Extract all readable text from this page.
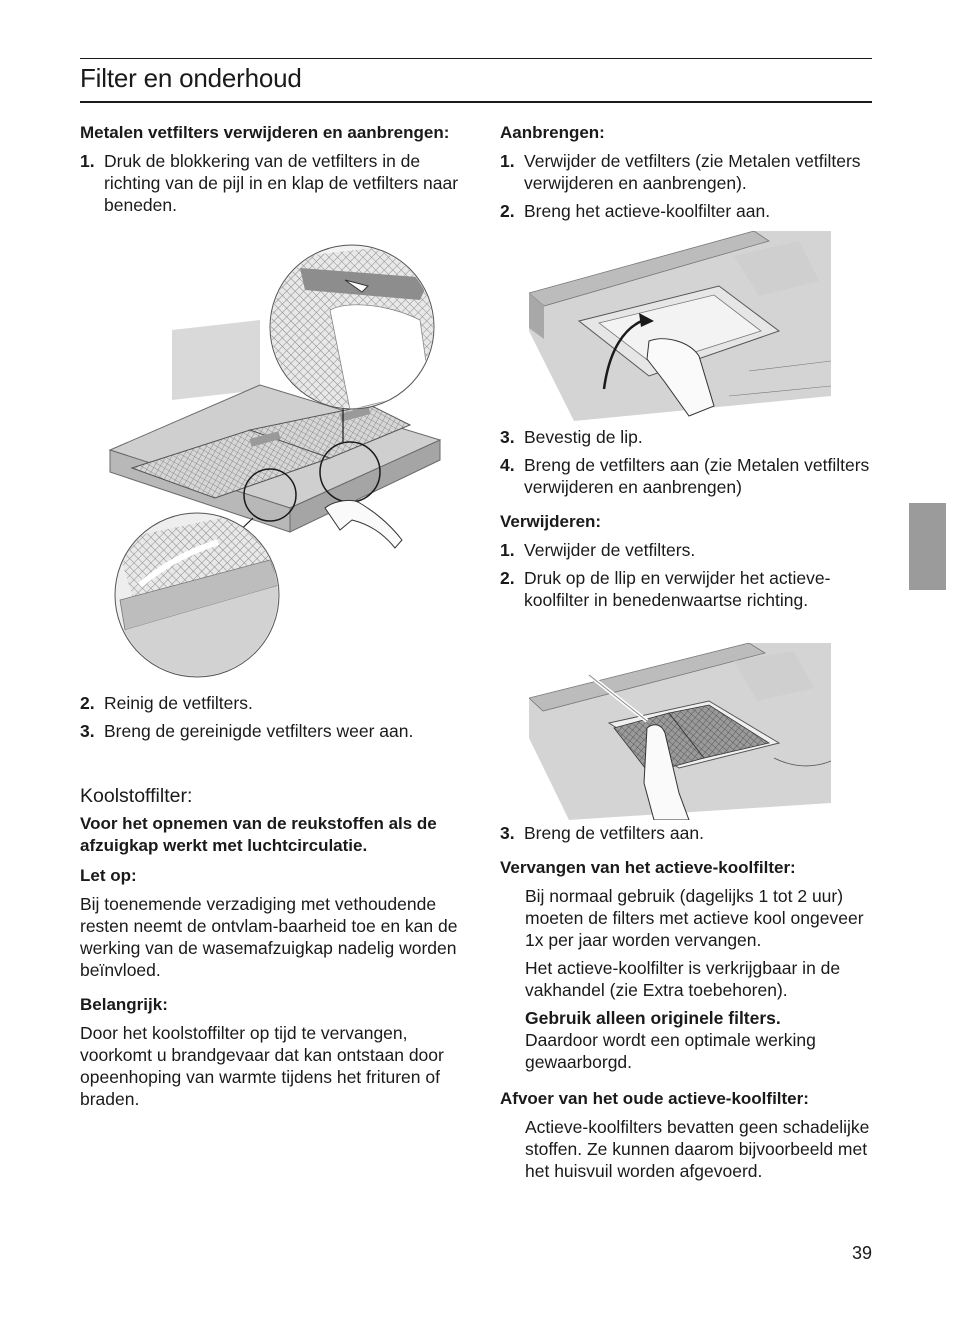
Filter en onderhoud

Metalen vetfilters verwijderen en aanbrengen:

1. Druk de blokkering van de vetfilters in de richting van de pijl in en klap de vetfilters naar beneden.
2. Reinig de vetfilters.
3. Breng de gereinigde vetfilters weer aan.

Koolstoffilter:

Voor het opnemen van de reukstoffen als de afzuigkap werkt met luchtcirculatie.

Let op:

Bij toenemende verzadiging met vethoudende resten neemt de ontvlam-baarheid toe en kan de werking van de wasemafzuigkap nadelig worden beïnvloed.

Belangrijk:

Door het koolstoffilter op tijd te vervangen, voorkomt u brandgevaar dat kan ontstaan door opeenhoping van warmte tijdens het frituren of braden.

Aanbrengen:

1. Verwijder de vetfilters (zie Metalen vetfilters verwijderen en aanbrengen).
2. Breng het actieve-koolfilter aan.
3. Bevestig de lip.
4. Breng de vetfilters aan (zie Metalen vetfilters verwijderen en aanbrengen)

Verwijderen:

1. Verwijder de vetfilters.
2. Druk op de llip en verwijder het actieve-koolfilter in benedenwaartse richting.
3. Breng de vetfilters aan.

Vervangen van het actieve-koolfilter:

Bij normaal gebruik (dagelijks 1 tot 2 uur) moeten de filters met actieve kool ongeveer 1x per jaar worden vervangen.

Het actieve-koolfilter is verkrijgbaar in de vakhandel (zie Extra toebehoren).

Gebruik alleen originele filters.
Daardoor wordt een optimale werking gewaarborgd.

Afvoer van het oude actieve-koolfilter:

Actieve-koolfilters bevatten geen schadelijke stoffen. Ze kunnen daarom bijvoorbeeld met het huisvuil worden afgevoerd.

39
